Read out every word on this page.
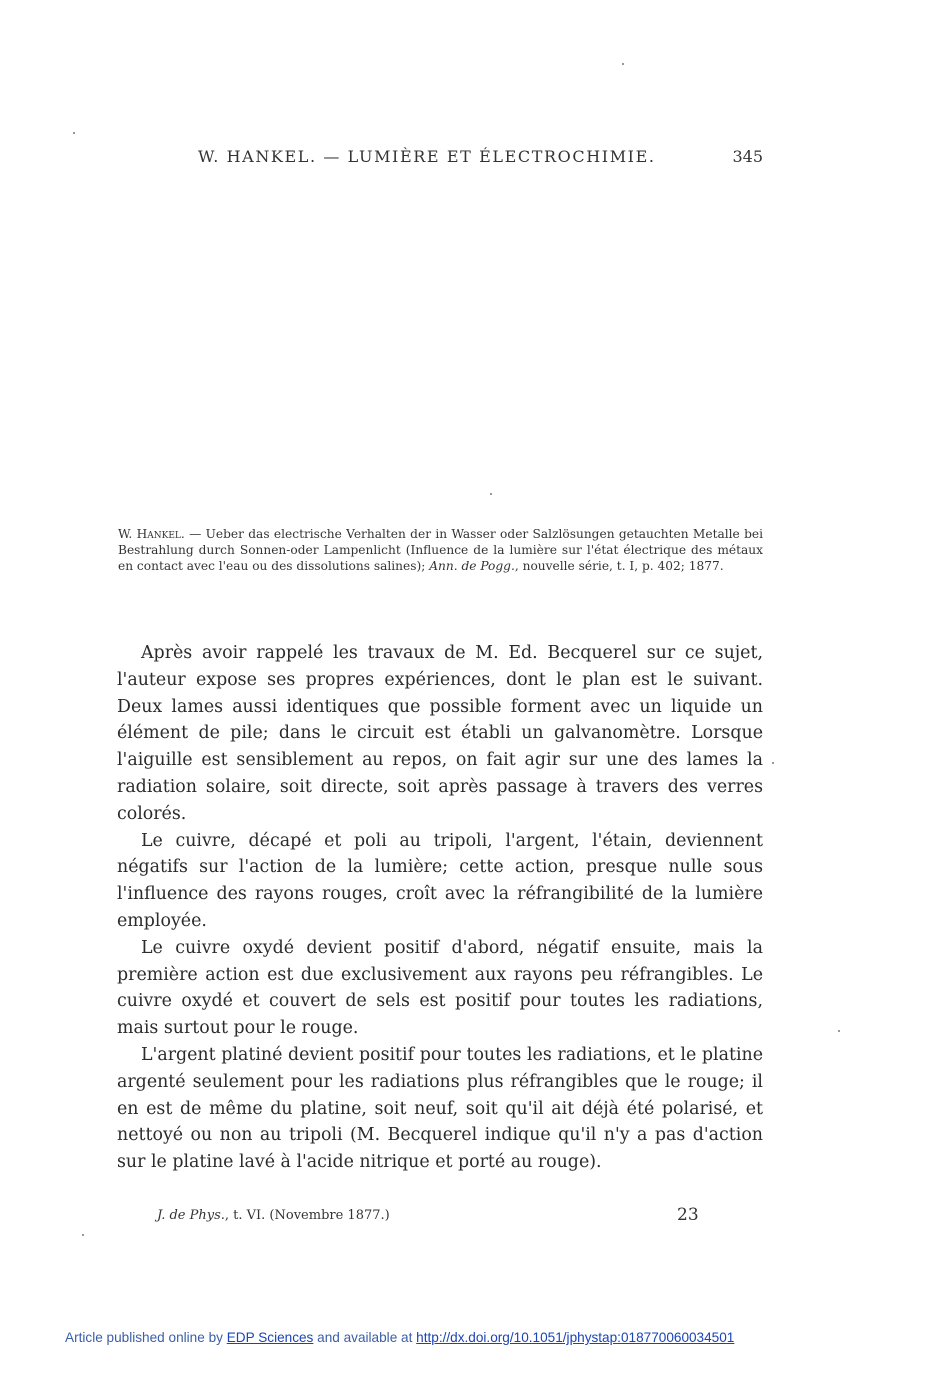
W. HANKEL. — LUMIÈRE ET ÉLECTROCHIMIE.	345
W. Hankel. — Ueber das electrische Verhalten der in Wasser oder Salzlösungen getauchten Metalle bei Bestrahlung durch Sonnen-oder Lampenlicht (Influence de la lumière sur l'état électrique des métaux en contact avec l'eau ou des dissolutions salines); Ann. de Pogg., nouvelle série, t. I, p. 402; 1877.

Après avoir rappelé les travaux de M. Ed. Becquerel sur ce sujet, l'auteur expose ses propres expériences, dont le plan est le suivant. Deux lames aussi identiques que possible forment avec un liquide un élément de pile; dans le circuit est établi un galvanomètre. Lorsque l'aiguille est sensiblement au repos, on fait agir sur une des lames la radiation solaire, soit directe, soit après passage à travers des verres colorés.

Le cuivre, décapé et poli au tripoli, l'argent, l'étain, deviennent négatifs sur l'action de la lumière; cette action, presque nulle sous l'influence des rayons rouges, croît avec la réfrangibilité de la lumière employée.

Le cuivre oxydé devient positif d'abord, négatif ensuite, mais la première action est due exclusivement aux rayons peu réfrangibles. Le cuivre oxydé et couvert de sels est positif pour toutes les radiations, mais surtout pour le rouge.

L'argent platiné devient positif pour toutes les radiations, et le platine argenté seulement pour les radiations plus réfrangibles que le rouge; il en est de même du platine, soit neuf, soit qu'il ait déjà été polarisé, et nettoyé ou non au tripoli (M. Becquerel indique qu'il n'y a pas d'action sur le platine lavé à l'acide nitrique et porté au rouge).

J. de Phys., t. VI. (Novembre 1877.)	23
Article published online by EDP Sciences and available at http://dx.doi.org/10.1051/jphystap:018770060034501
